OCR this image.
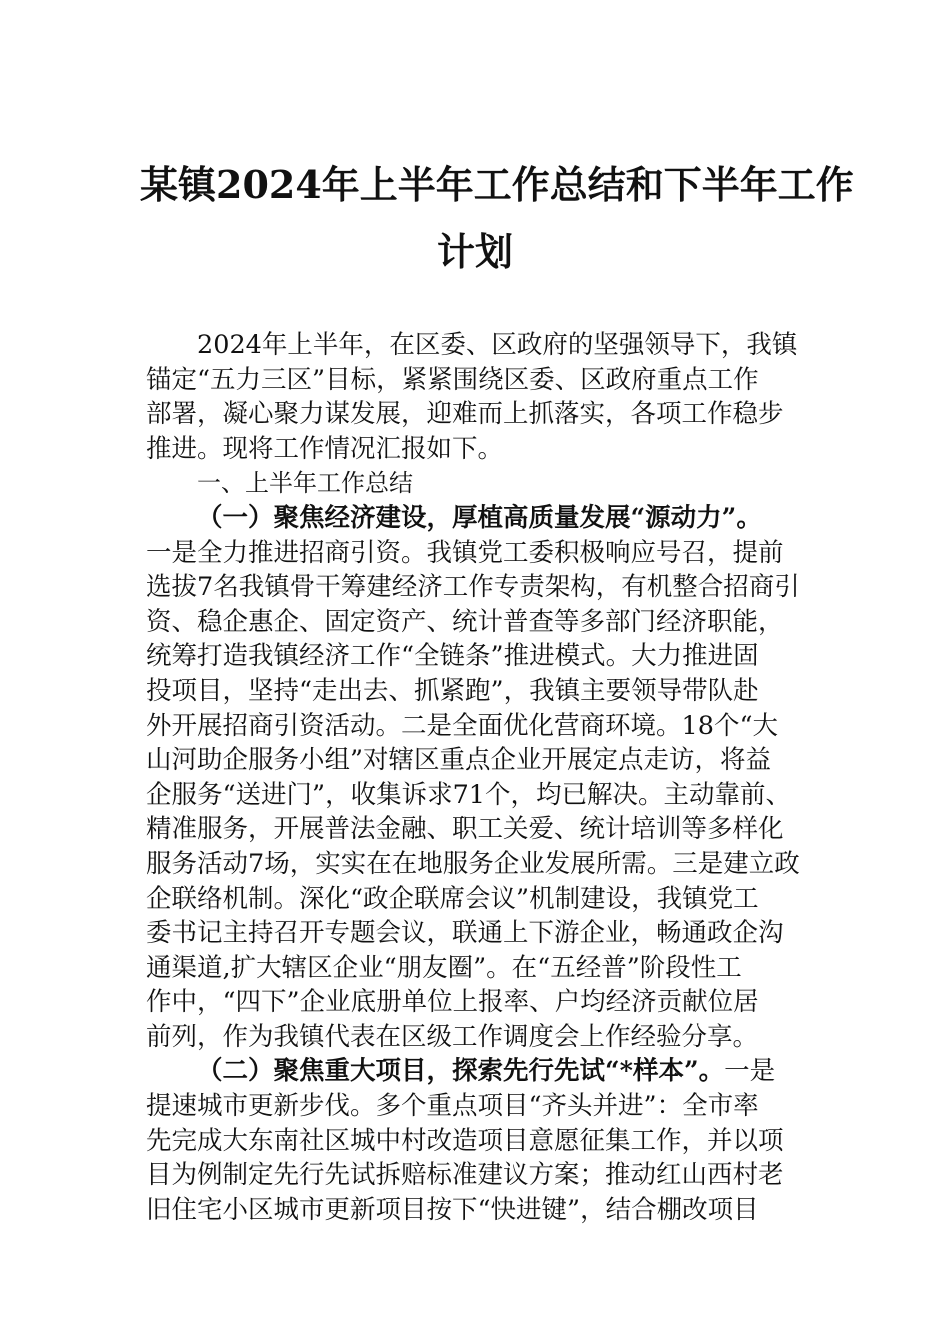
某镇2024年上半年工作总结和下半年工作
计划
2024年上半年，在区委、区政府的坚强领导下，我镇
锚定“五力三区”目标，紧紧围绕区委、区政府重点工作
部署，凝心聚力谋发展，迎难而上抓落实，各项工作稳步
推进。现将工作情况汇报如下。
一、上半年工作总结
（一）聚焦经济建设，厚植高质量发展“源动力”。
一是全力推进招商引资。我镇党工委积极响应号召，提前
选拔7名我镇骨干筹建经济工作专责架构，有机整合招商引
资、稳企惠企、固定资产、统计普查等多部门经济职能，
统筹打造我镇经济工作“全链条”推进模式。大力推进固
投项目，坚持“走出去、抓紧跑”，我镇主要领导带队赴
外开展招商引资活动。二是全面优化营商环境。18个“大
山河助企服务小组”对辖区重点企业开展定点走访，将益
企服务“送进门”，收集诉求71个，均已解决。主动靠前、
精准服务，开展普法金融、职工关爱、统计培训等多样化
服务活动7场，实实在在地服务企业发展所需。三是建立政
企联络机制。深化“政企联席会议”机制建设，我镇党工
委书记主持召开专题会议，联通上下游企业，畅通政企沟
通渠道,扩大辖区企业“朋友圈”。在“五经普”阶段性工
作中，“四下”企业底册单位上报率、户均经济贡献位居
前列，作为我镇代表在区级工作调度会上作经验分享。
（二）聚焦重大项目，探索先行先试“*样本”。一是
提速城市更新步伐。多个重点项目“齐头并进”：全市率
先完成大东南社区城中村改造项目意愿征集工作，并以项
目为例制定先行先试拆赔标准建议方案；推动红山西村老
旧住宅小区城市更新项目按下“快进键”，结合棚改项目
